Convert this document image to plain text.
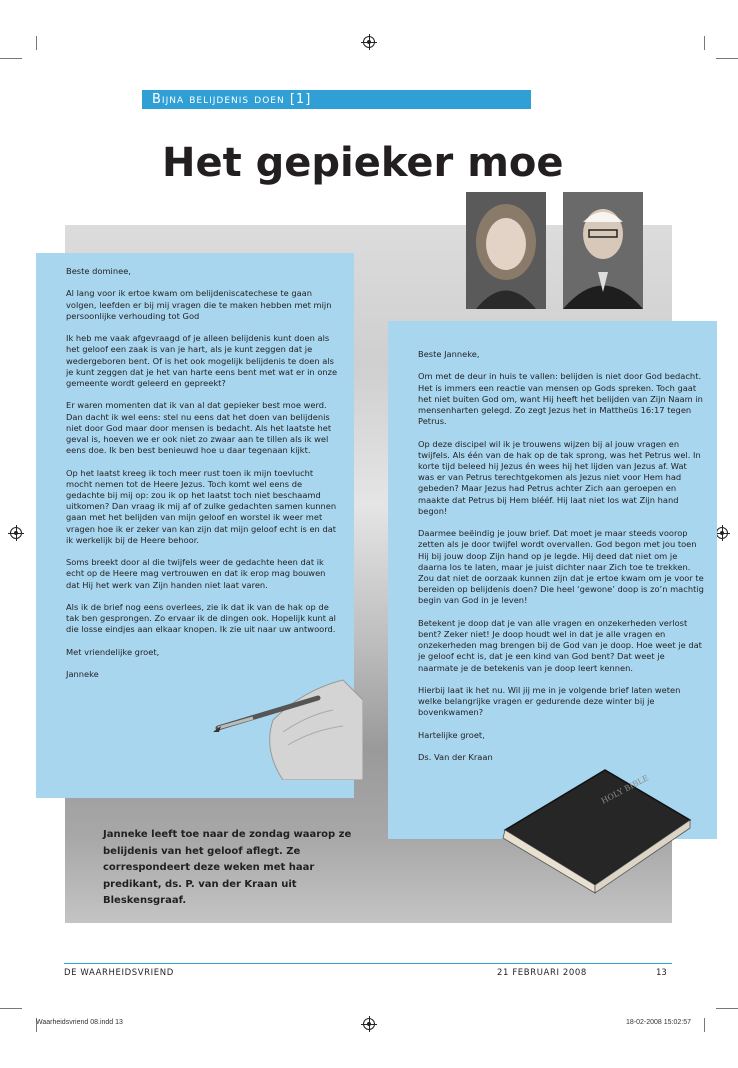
Bijna belijdenis doen [1]
Het gepieker moe

Beste dominee,

Al lang voor ik ertoe kwam om belijdeniscatechese te gaan volgen, leefden er bij mij vragen die te maken hebben met mijn persoonlijke verhouding tot God

Ik heb me vaak afgevraagd of je alleen belijdenis kunt doen als het geloof een zaak is van je hart, als je kunt zeggen dat je wedergeboren bent. Of is het ook mogelijk belijdenis te doen als je kunt zeggen dat je het van harte eens bent met wat er in onze gemeente wordt geleerd en gepreekt?

Er waren momenten dat ik van al dat gepieker best moe werd. Dan dacht ik wel eens: stel nu eens dat het doen van belijdenis niet door God maar door mensen is bedacht. Als het laatste het geval is, hoeven we er ook niet zo zwaar aan te tillen als ik wel eens doe. Ik ben best benieuwd hoe u daar tegenaan kijkt.

Op het laatst kreeg ik toch meer rust toen ik mijn toevlucht mocht nemen tot de Heere Jezus. Toch komt wel eens de gedachte bij mij op: zou ik op het laatst toch niet beschaamd uitkomen? Dan vraag ik mij af of zulke gedachten samen kunnen gaan met het belijden van mijn geloof en worstel ik weer met vragen hoe ik er zeker van kan zijn dat mijn geloof echt is en dat ik werkelijk bij de Heere behoor.

Soms breekt door al die twijfels weer de gedachte heen dat ik echt op de Heere mag vertrouwen en dat ik erop mag bouwen dat Hij het werk van Zijn handen niet laat varen.

Als ik de brief nog eens overlees, zie ik dat ik van de hak op de tak ben gesprongen. Zo ervaar ik de dingen ook. Hopelijk kunt al die losse eindjes aan elkaar knopen. Ik zie uit naar uw antwoord.

Met vriendelijke groet,

Janneke

Beste Janneke,

Om met de deur in huis te vallen: belijden is niet door God bedacht. Het is immers een reactie van mensen op Gods spreken. Toch gaat het niet buiten God om, want Hij heeft het belijden van Zijn Naam in mensenharten gelegd. Zo zegt Jezus het in Mattheüs 16:17 tegen Petrus.

Op deze discipel wil ik je trouwens wijzen bij al jouw vragen en twijfels. Als één van de hak op de tak sprong, was het Petrus wel. In korte tijd beleed hij Jezus én wees hij het lijden van Jezus af. Wat was er van Petrus terechtgekomen als Jezus niet voor Hem had gebeden? Maar Jezus had Petrus achter Zich aan geroepen en maakte dat Petrus bij Hem blééf. Hij laat niet los wat Zijn hand begon!

Daarmee beëindig je jouw brief. Dat moet je maar steeds voorop zetten als je door twijfel wordt overvallen. God begon met jou toen Hij bij jouw doop Zijn hand op je legde. Hij deed dat niet om je daarna los te laten, maar je juist dichter naar Zich toe te trekken. Zou dat niet de oorzaak kunnen zijn dat je ertoe kwam om je voor te bereiden op belijdenis doen? Die heel ‘gewone’ doop is zo’n machtig begin van God in je leven!

Betekent je doop dat je van alle vragen en onzekerheden verlost bent? Zeker niet! Je doop houdt wel in dat je alle vragen en onzekerheden mag brengen bij de God van je doop. Hoe weet je dat je geloof echt is, dat je een kind van God bent? Dat weet je naarmate je de betekenis van je doop leert kennen.

Hierbij laat ik het nu. Wil jij me in je volgende brief laten weten welke belangrijke vragen er gedurende deze winter bij je bovenkwamen?

Hartelijke groet,

Ds. Van der Kraan

HOLY BIBLE
Janneke leeft toe naar de zondag waarop ze belijdenis van het geloof aflegt. Ze correspondeert deze weken met haar predikant, ds. P. van der Kraan uit Bleskensgraaf.
DE WAARHEIDSVRIEND	21 FEBRUARI 2008	13
Waarheidsvriend 08.indd 13	18-02-2008 15:02:57
